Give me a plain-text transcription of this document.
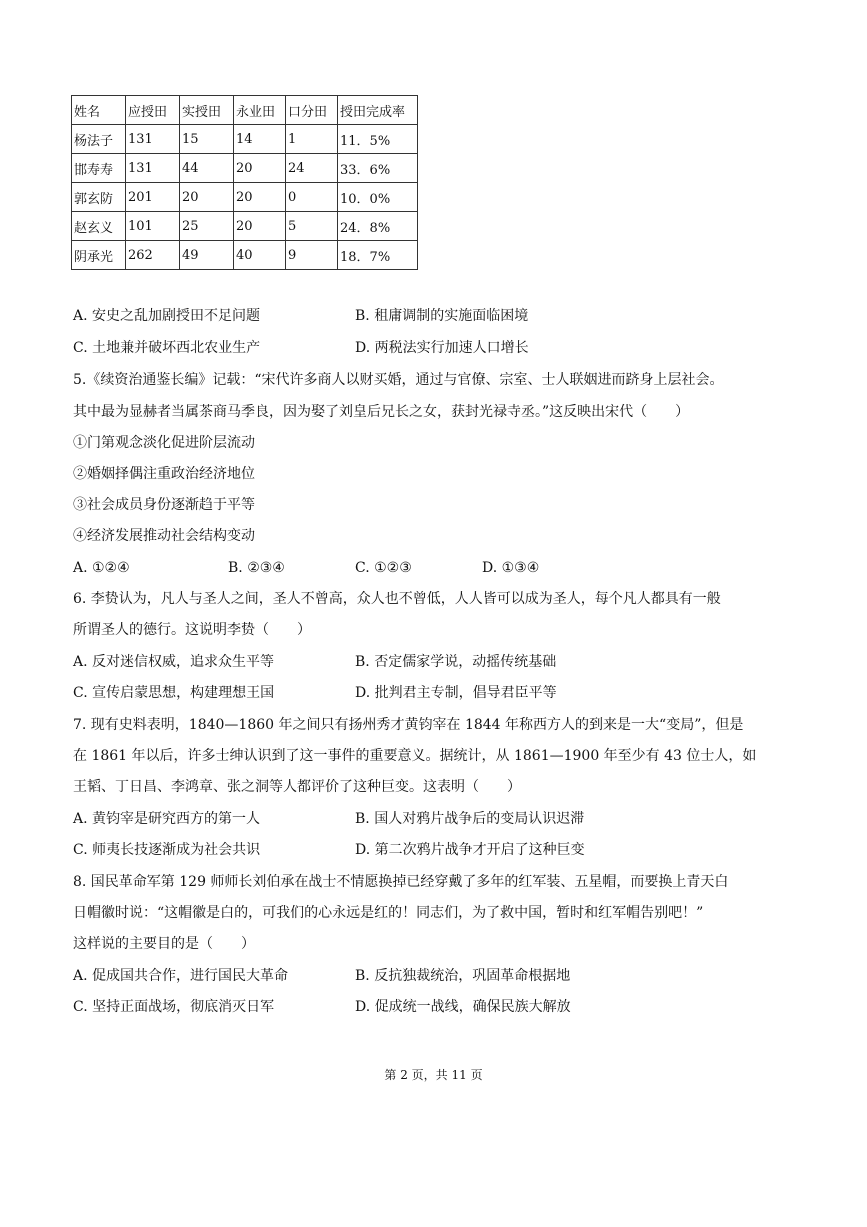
姓名	应授田	实授田	永业田	口分田	授田完成率
杨法子	131	15	14	1	11．5%
邯寿寿	131	44	20	24	33．6%
郭玄防	201	20	20	0	10．0%
赵玄义	101	25	20	5	24．8%
阴承光	262	49	40	9	18．7%
A. 安史之乱加剧授田不足问题	B. 租庸调制的实施面临困境
C. 土地兼并破坏西北农业生产	D. 两税法实行加速人口增长
5.《续资治通鉴长编》记载：“宋代许多商人以财买婚，通过与官僚、宗室、士人联姻进而跻身上层社会。
其中最为显赫者当属茶商马季良，因为娶了刘皇后兄长之女，获封光禄寺丞。”这反映出宋代（　　）
①门第观念淡化促进阶层流动
②婚姻择偶注重政治经济地位
③社会成员身份逐渐趋于平等
④经济发展推动社会结构变动
A. ①②④	B. ②③④	C. ①②③	D. ①③④
6. 李贽认为，凡人与圣人之间，圣人不曾高，众人也不曾低，人人皆可以成为圣人，每个凡人都具有一般
所谓圣人的德行。这说明李贽（　　）
A. 反对迷信权威，追求众生平等	B. 否定儒家学说，动摇传统基础
C. 宣传启蒙思想，构建理想王国	D. 批判君主专制，倡导君臣平等
7. 现有史料表明，1840—1860 年之间只有扬州秀才黄钧宰在 1844 年称西方人的到来是一大“变局”，但是
在 1861 年以后，许多士绅认识到了这一事件的重要意义。据统计，从 1861—1900 年至少有 43 位士人，如
王韬、丁日昌、李鸿章、张之洞等人都评价了这种巨变。这表明（　　）
A. 黄钧宰是研究西方的第一人	B. 国人对鸦片战争后的变局认识迟滞
C. 师夷长技逐渐成为社会共识	D. 第二次鸦片战争才开启了这种巨变
8. 国民革命军第 129 师师长刘伯承在战士不情愿换掉已经穿戴了多年的红军装、五星帽，而要换上青天白
日帽徽时说：“这帽徽是白的，可我们的心永远是红的！同志们，为了救中国，暂时和红军帽告别吧！”
这样说的主要目的是（　　）
A. 促成国共合作，进行国民大革命	B. 反抗独裁统治，巩固革命根据地
C. 坚持正面战场，彻底消灭日军	D. 促成统一战线，确保民族大解放
第 2 页，共 11 页
